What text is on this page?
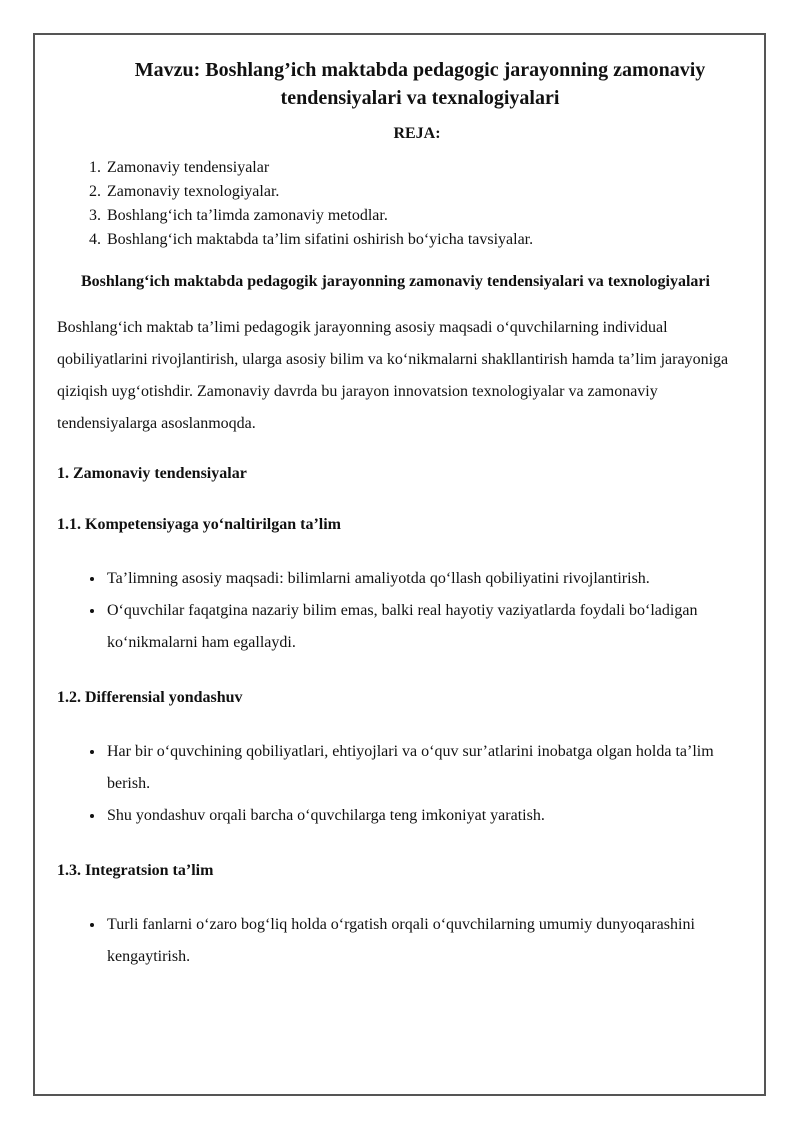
Mavzu: Boshlang’ich maktabda pedagogic jarayonning zamonaviy
tendensiyalari va texnalogiyalari

REJA:

1. Zamonaviy tendensiyalar
2. Zamonaviy texnologiyalar.
3. Boshlang‘ich ta’limda zamonaviy metodlar.
4. Boshlang‘ich maktabda ta’lim sifatini oshirish bo‘yicha tavsiyalar.

Boshlang‘ich maktabda pedagogik jarayonning zamonaviy tendensiyalari va texnologiyalari

Boshlang‘ich maktab ta’limi pedagogik jarayonning asosiy maqsadi o‘quvchilarning individual qobiliyatlarini rivojlantirish, ularga asosiy bilim va ko‘nikmalarni shakllantirish hamda ta’lim jarayoniga qiziqish uyg‘otishdir. Zamonaviy davrda bu jarayon innovatsion texnologiyalar va zamonaviy tendensiyalarga asoslanmoqda.

1. Zamonaviy tendensiyalar

1.1. Kompetensiyaga yo‘naltirilgan ta’lim

• Ta’limning asosiy maqsadi: bilimlarni amaliyotda qo‘llash qobiliyatini rivojlantirish.
• O‘quvchilar faqatgina nazariy bilim emas, balki real hayotiy vaziyatlarda foydali bo‘ladigan ko‘nikmalarni ham egallaydi.

1.2. Differensial yondashuv

• Har bir o‘quvchining qobiliyatlari, ehtiyojlari va o‘quv sur’atlarini inobatga olgan holda ta’lim berish.
• Shu yondashuv orqali barcha o‘quvchilarga teng imkoniyat yaratish.

1.3. Integratsion ta’lim

• Turli fanlarni o‘zaro bog‘liq holda o‘rgatish orqali o‘quvchilarning umumiy dunyoqarashini kengaytirish.
